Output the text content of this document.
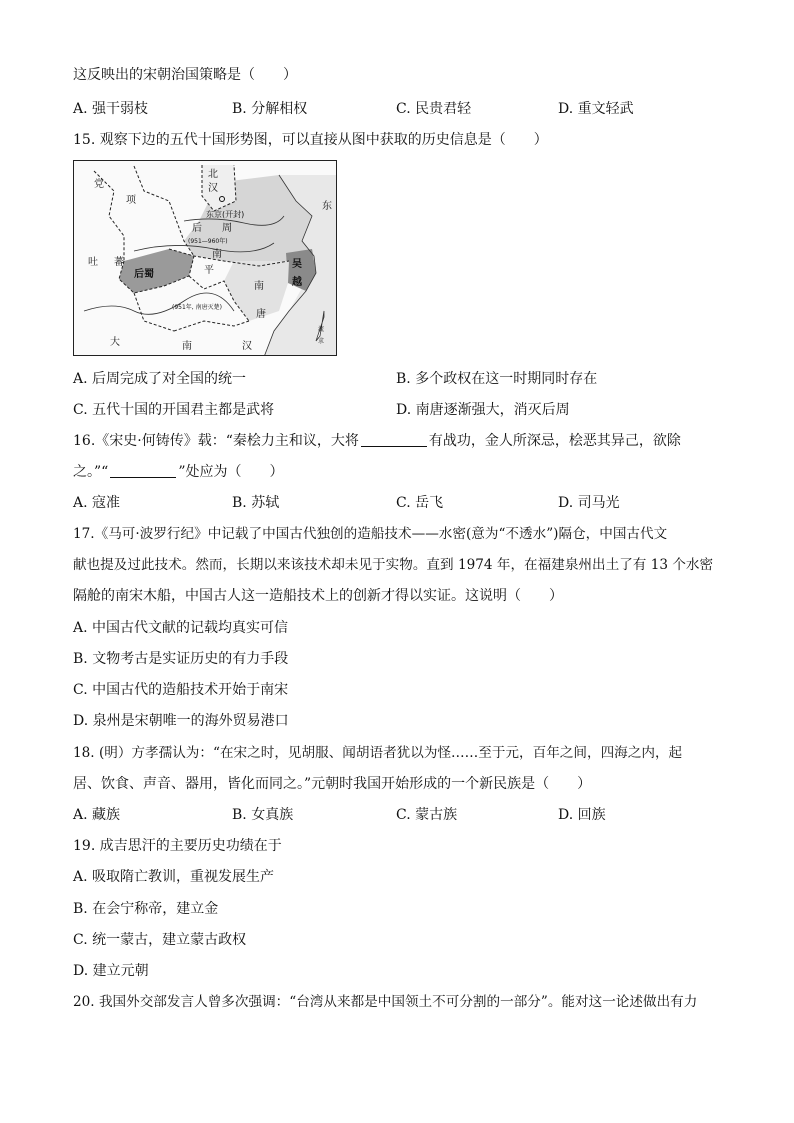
这反映出的宋朝治国策略是（　　）
A. 强干弱枝	B. 分解相权	C. 民贵君轻	D. 重文轻武
15. 观察下边的五代十国形势图，可以直接从图中获取的历史信息是（　　）
党
项
北
汉
东京(开封)
后 周
(951—960年)
东
吐 蕃
后蜀
南
平
吴
越
(951年, 南唐灭楚)
南
唐
大	南	汉
流
求
A. 后周完成了对全国的统一	B. 多个政权在这一时期同时存在
C. 五代十国的开国君主都是武将	D. 南唐逐渐强大，消灭后周
16.《宋史·何铸传》载：“秦桧力主和议，大将	有战功，金人所深忌，桧恶其异己，欲除
之。”“	”处应为（　　）
A. 寇准	B. 苏轼	C. 岳飞	D. 司马光
17.《马可·波罗行纪》中记载了中国古代独创的造船技术——水密(意为“不透水”)隔仓，中国古代文
献也提及过此技术。然而，长期以来该技术却未见于实物。直到 1974 年，在福建泉州出土了有 13 个水密
隔舱的南宋木船，中国古人这一造船技术上的创新才得以实证。这说明（　　）
A. 中国古代文献的记载均真实可信
B. 文物考古是实证历史的有力手段
C. 中国古代的造船技术开始于南宋
D. 泉州是宋朝唯一的海外贸易港口
18. (明）方孝孺认为：“在宋之时，见胡服、闻胡语者犹以为怪……至于元，百年之间，四海之内，起
居、饮食、声音、器用，皆化而同之。”元朝时我国开始形成的一个新民族是（　　）
A. 藏族	B. 女真族	C. 蒙古族	D. 回族
19. 成吉思汗的主要历史功绩在于
A. 吸取隋亡教训，重视发展生产
B. 在会宁称帝，建立金
C. 统一蒙古，建立蒙古政权
D. 建立元朝
20. 我国外交部发言人曾多次强调：“台湾从来都是中国领土不可分割的一部分”。能对这一论述做出有力
